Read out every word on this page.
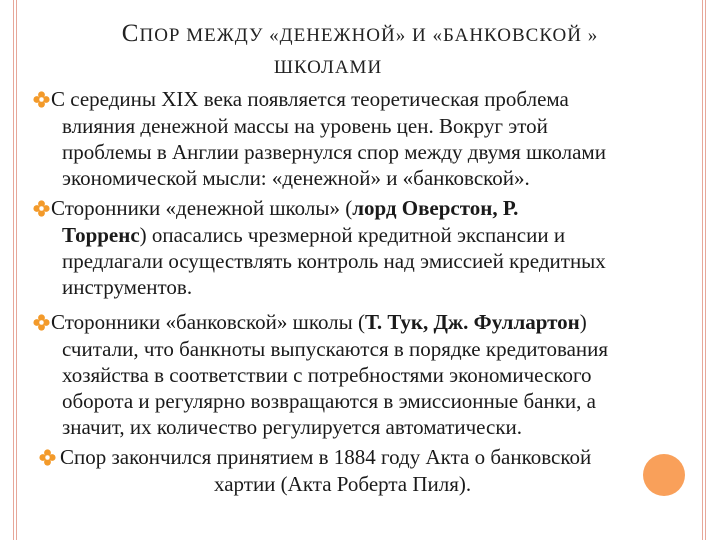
СПОР МЕЖДУ «ДЕНЕЖНОЙ» И «БАНКОВСКОЙ »
ШКОЛАМИ
С середины XIX века появляется теоретическая проблема
влияния денежной массы на уровень цен. Вокруг этой
проблемы в Англии развернулся спор между двумя школами
экономической мысли: «денежной» и «банковской».
Сторонники «денежной школы» (лорд Оверстон, Р.
Торренс) опасались чрезмерной кредитной экспансии и
предлагали осуществлять контроль над эмиссией кредитных
инструментов.
Сторонники «банковской» школы (Т. Тук, Дж. Фуллартон)
считали, что банкноты выпускаются в порядке кредитования
хозяйства в соответствии с потребностями экономического
оборота и регулярно возвращаются в эмиссионные банки, а
значит, их количество регулируется автоматически.
Спор закончился принятием в 1884 году Акта о банковской
хартии (Акта Роберта Пиля).
